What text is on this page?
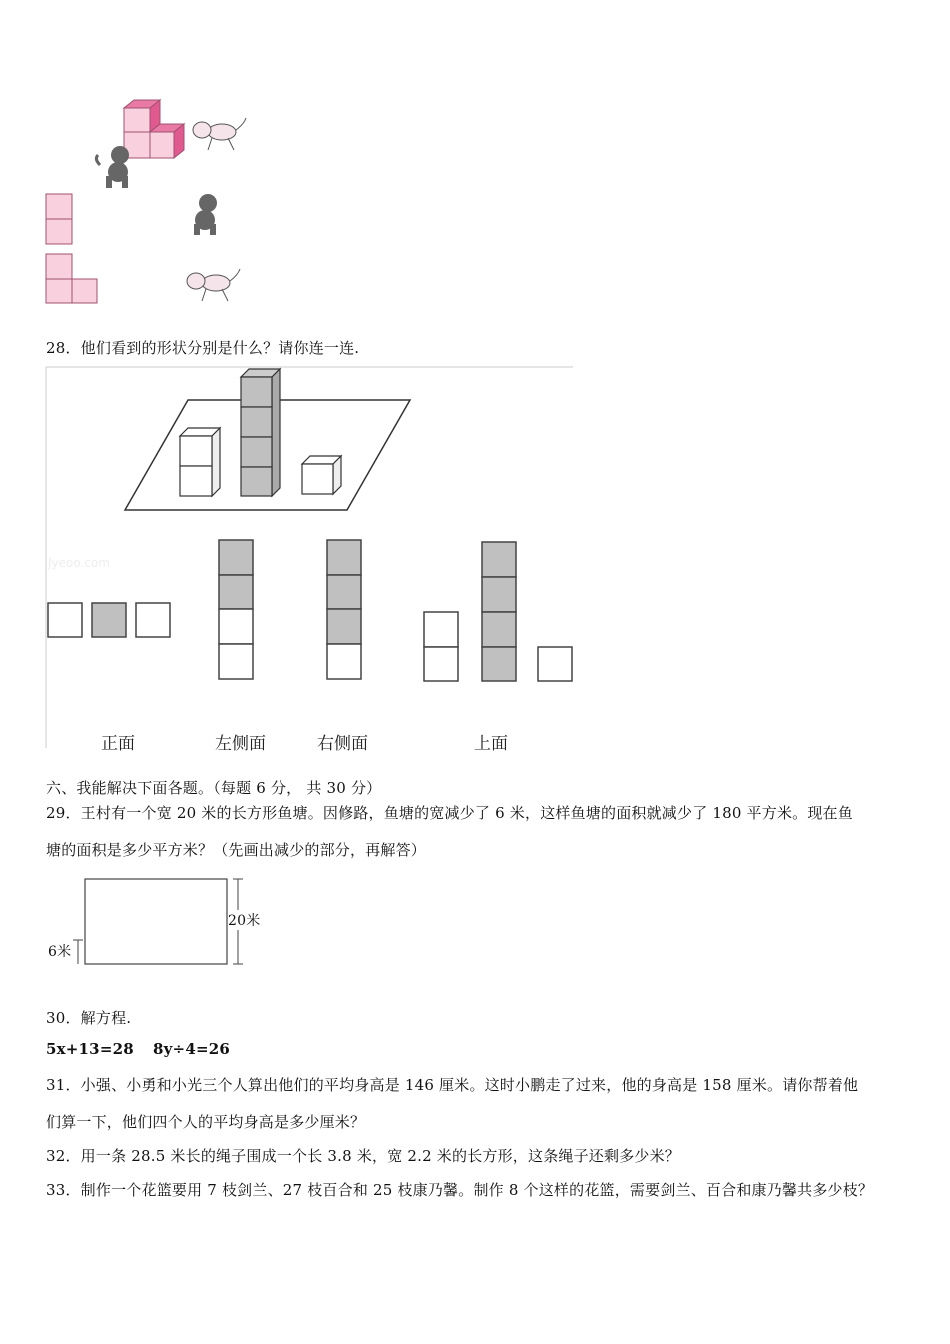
28．他们看到的形状分别是什么？请你连一连.
Jyeoo.com
正面	左侧面	右侧面	上面
六、我能解决下面各题。（每题 6 分， 共 30 分）
29．王村有一个宽 20 米的长方形鱼塘。因修路，鱼塘的宽减少了 6 米，这样鱼塘的面积就减少了 180 平方米。现在鱼
塘的面积是多少平方米？（先画出减少的部分，再解答）
20米
6米
30．解方程.
5x+13=28 8y÷4=26
31．小强、小勇和小光三个人算出他们的平均身高是 146 厘米。这时小鹏走了过来，他的身高是 158 厘米。请你帮着他
们算一下，他们四个人的平均身高是多少厘米？
32．用一条 28.5 米长的绳子围成一个长 3.8 米，宽 2.2 米的长方形，这条绳子还剩多少米？
33．制作一个花篮要用 7 枝剑兰、27 枝百合和 25 枝康乃馨。制作 8 个这样的花篮，需要剑兰、百合和康乃馨共多少枝？
